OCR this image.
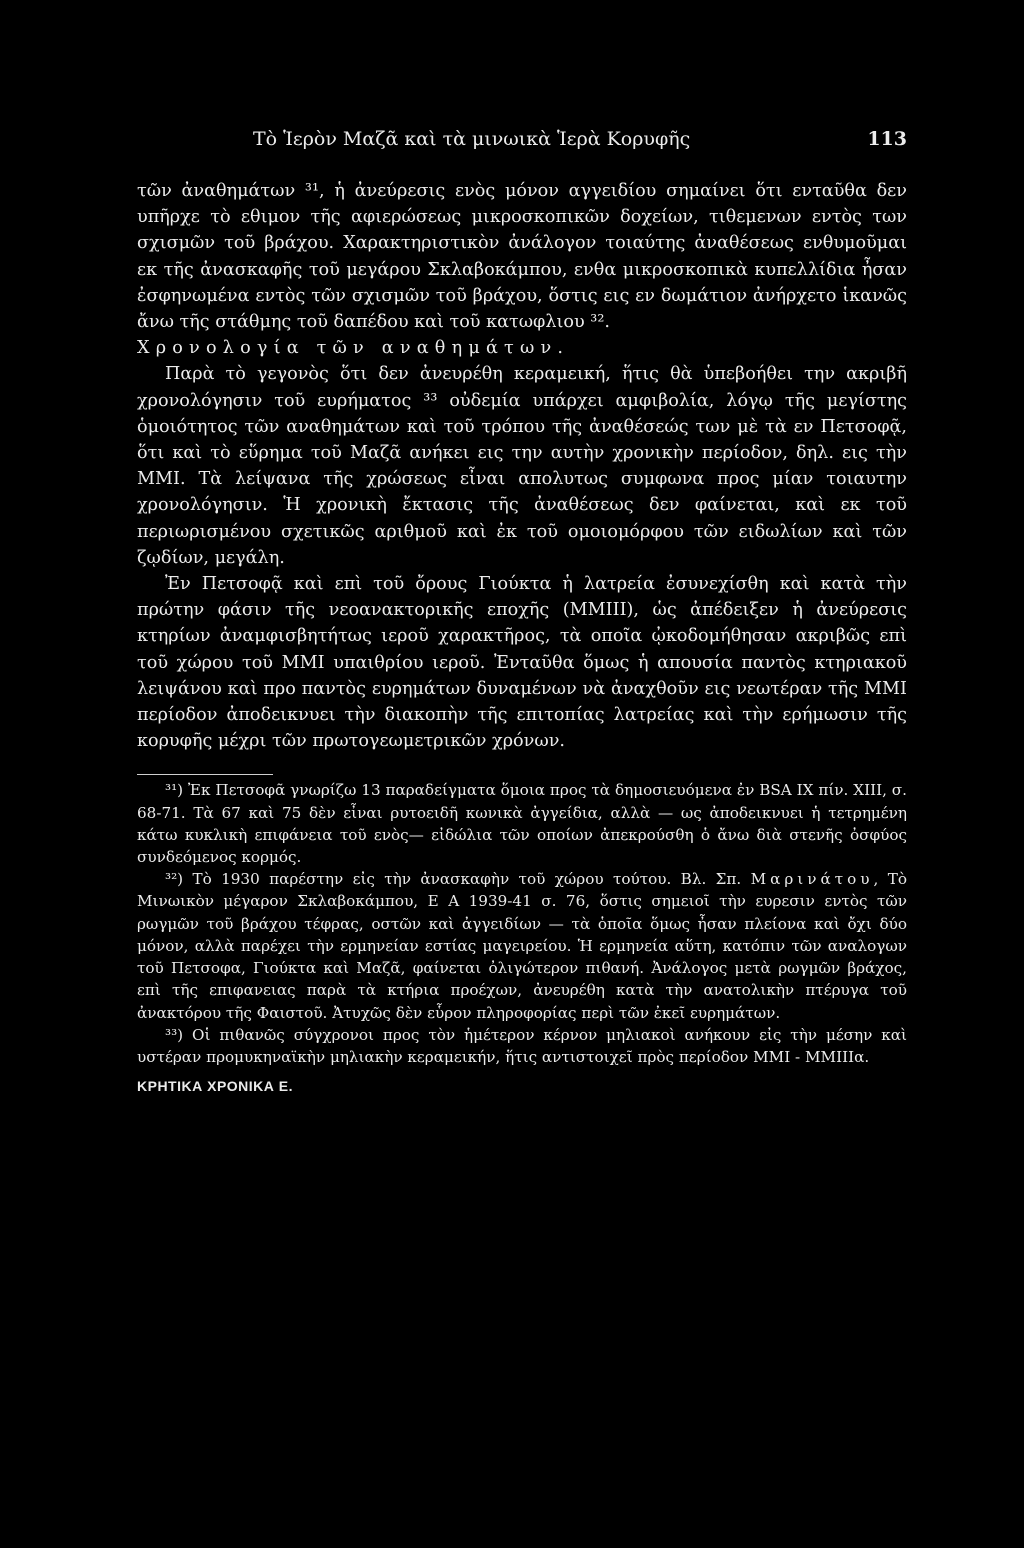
Τὸ Ἱερὸν Μαζᾶ καὶ τὰ μινωικὰ Ἱερὰ Κορυφῆς	113

τῶν ἀναθημάτων ³¹, ἡ ἀνεύρεσις ενὸς μόνον αγγειδίου σημαίνει ὅτι ενταῦθα δεν υπῆρχε τὸ εθιμον τῆς αφιερώσεως μικροσκοπικῶν δοχείων, τιθεμενων εντὸς των σχισμῶν τοῦ βράχου. Χαρακτηριστικὸν ἀνάλογον τοιαύτης ἀναθέσεως ενθυμοῦμαι εκ τῆς ἀνασκαφῆς τοῦ μεγάρου Σκλαβοκάμπου, ενθα μικροσκοπικὰ κυπελλίδια ἦσαν ἐσφηνωμένα εντὸς τῶν σχισμῶν τοῦ βράχου, ὅστις εις εν δωμάτιον ἀνήρχετο ἱκανῶς ἄνω τῆς στάθμης τοῦ δαπέδου καὶ τοῦ κατωφλιου ³².

Χρονολογία τῶν αναθημάτων.

Παρὰ τὸ γεγονὸς ὅτι δεν ἀνευρέθη κεραμεική, ἥτις θὰ ὑπεβοήθει την ακριβῆ χρονολόγησιν τοῦ ευρήματος ³³ οὐδεμία υπάρχει αμφιβολία, λόγῳ τῆς μεγίστης ὁμοιότητος τῶν αναθημάτων καὶ τοῦ τρόπου τῆς ἀναθέσεώς των μὲ τὰ εν Πετσοφᾷ, ὅτι καὶ τὸ εὕρημα τοῦ Μαζᾶ ανήκει εις την αυτὴν χρονικὴν περίοδον, δηλ. εις τὴν ΜΜΙ. Τὰ λείψανα τῆς χρώσεως εἶναι απολυτως συμφωνα προς μίαν τοιαυτην χρονολόγησιν. Ἡ χρονικὴ ἔκτασις τῆς ἀναθέσεως δεν φαίνεται, καὶ εκ τοῦ περιωρισμένου σχετικῶς αριθμοῦ καὶ ἐκ τοῦ ομοιομόρφου τῶν ειδωλίων καὶ τῶν ζῳδίων, μεγάλη.

Ἐν Πετσοφᾷ καὶ επὶ τοῦ ὄρους Γιούκτα ἡ λατρεία ἐσυνεχίσθη καὶ κατὰ τὴν πρώτην φάσιν τῆς νεοανακτορικῆς εποχῆς (ΜΜΙΙΙ), ὡς ἀπέδειξεν ἡ ἀνεύρεσις κτηρίων ἀναμφισβητήτως ιεροῦ χαρακτῆρος, τὰ οποῖα ᾠκοδομήθησαν ακριβῶς επὶ τοῦ χώρου τοῦ ΜΜΙ υπαιθρίου ιεροῦ. Ἐνταῦθα ὅμως ἡ απουσία παντὸς κτηριακοῦ λειψάνου καὶ προ παντὸς ευρημάτων δυναμένων νὰ ἀναχθοῦν εις νεωτέραν τῆς ΜΜΙ περίοδον ἀποδεικνυει τὴν διακοπὴν τῆς επιτοπίας λατρείας καὶ τὴν ερήμωσιν τῆς κορυφῆς μέχρι τῶν πρωτογεωμετρικῶν χρόνων.

³¹) Ἐκ Πετσοφᾶ γνωρίζω 13 παραδείγματα ὅμοια προς τὰ δημοσιευόμενα ἐν BSA IX πίν. XIII, σ. 68-71. Τὰ 67 καὶ 75 δὲν εἶναι ρυτοειδῆ κωνικὰ ἀγγείδια, αλλὰ — ως ἀποδεικνυει ἡ τετρημένη κάτω κυκλικὴ επιφάνεια τοῦ ενὸς— εἰδώλια τῶν οποίων ἀπεκρούσθη ὁ ἄνω διὰ στενῆς ὀσφύος συνδεόμενος κορμός.

³²) Τὸ 1930 παρέστην εἰς τὴν ἀνασκαφὴν τοῦ χώρου τούτου. Βλ. Σπ. Μαρινάτου, Τὸ Μινωικὸν μέγαρον Σκλαβοκάμπου, Ε Α 1939-41 σ. 76, ὅστις σημειοῖ τὴν ευρεσιν εντὸς τῶν ρωγμῶν τοῦ βράχου τέφρας, οστῶν καὶ ἀγγειδίων — τὰ ὁποῖα ὅμως ἦσαν πλείονα καὶ ὄχι δύο μόνον, αλλὰ παρέχει τὴν ερμηνείαν εστίας μαγειρείου. Ἡ ερμηνεία αὕτη, κατόπιν τῶν αναλογων τοῦ Πετσοφα, Γιούκτα καὶ Μαζᾶ, φαίνεται ὀλιγώτερον πιθανή. Ἀνάλογος μετὰ ρωγμῶν βράχος, επὶ τῆς επιφανειας παρὰ τὰ κτήρια προέχων, ἀνευρέθη κατὰ τὴν ανατολικὴν πτέρυγα τοῦ ἀνακτόρου τῆς Φαιστοῦ. Ἀτυχῶς δὲν εὗρον πληροφορίας περὶ τῶν ἐκεῖ ευρημάτων.

³³) Οἱ πιθανῶς σύγχρονοι προς τὸν ἡμέτερον κέρνον μηλιακοὶ ανήκουν εἰς τὴν μέσην καὶ υστέραν προμυκηναϊκὴν μηλιακὴν κεραμεικήν, ἥτις αντιστοιχεῖ πρὸς περίοδον ΜΜΙ - ΜΜΙΙΙα.

ΚΡΗΤΙΚΑ ΧΡΟΝΙΚΑ Ε.
